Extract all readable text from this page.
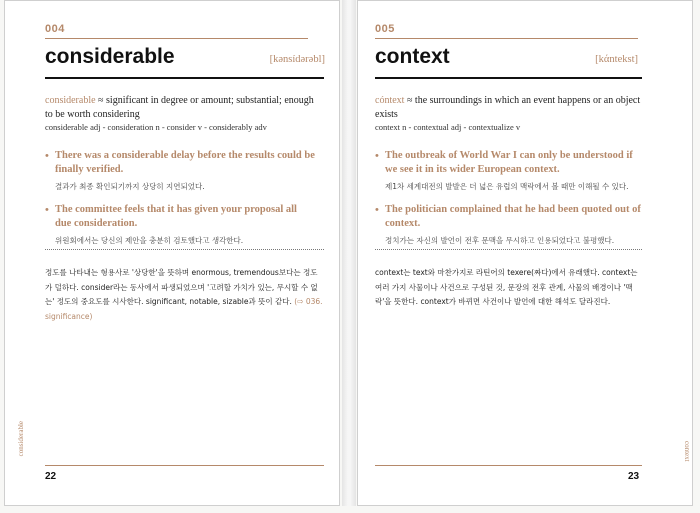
004
considerable	[kənsídərəbl]
considerable ≈ significant in degree or amount; substantial; enough to be worth considering
considerable adj - consideration n - consider v - considerably adv
• There was a considerable delay before the results could be finally verified.
결과가 최종 확인되기까지 상당히 지연되었다.
• The committee feels that it has given your proposal all due consideration.
위원회에서는 당신의 제안을 충분히 검토했다고 생각한다.
정도를 나타내는 형용사로 '상당한'을 뜻하며 enormous, tremendous보다는 정도가 덜하다. consider라는 동사에서 파생되었으며 '고려할 가치가 있는, 무시할 수 없는' 정도의 중요도를 시사한다. significant, notable, sizable과 뜻이 같다. (⇨ 036. significance)
considerable
22
005
context	[kάntekst]
cóntext ≈ the surroundings in which an event happens or an object exists
context n - contextual adj - contextualize v
• The outbreak of World War I can only be understood if we see it in its wider European context.
제1차 세계대전의 발발은 더 넓은 유럽의 맥락에서 볼 때만 이해될 수 있다.
• The politician complained that he had been quoted out of context.
정치가는 자신의 발언이 전후 문맥을 무시하고 인용되었다고 불평했다.
context는 text와 마찬가지로 라틴어의 texere(짜다)에서 유래했다. context는 여러 가지 사물이나 사건으로 구성된 것, 문장의 전후 관계, 사물의 배경이나 '맥락'을 뜻한다. context가 바뀌면 사건이나 발언에 대한 해석도 달라진다.
context
23
